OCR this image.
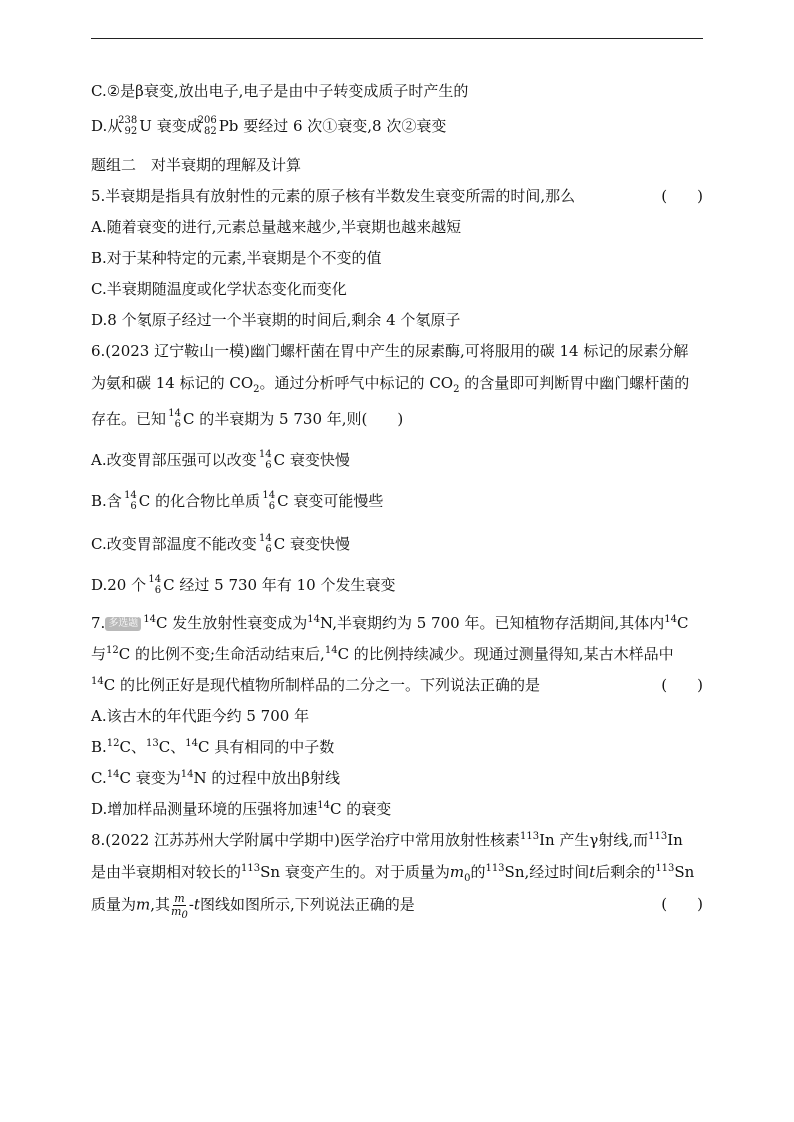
C.②是β衰变,放出电子,电子是由中子转变成质子时产生的
D.从
238
92 U 衰变成
206
82 Pb 要经过 6 次①衰变,8 次②衰变
题组二　对半衰期的理解及计算
5.半衰期是指具有放射性的元素的原子核有半数发生衰变所需的时间,那么	(　　)
A.随着衰变的进行,元素总量越来越少,半衰期也越来越短
B.对于某种特定的元素,半衰期是个不变的值
C.半衰期随温度或化学状态变化而变化
D.8 个氡原子经过一个半衰期的时间后,剩余 4 个氡原子
6.(2023 辽宁鞍山一模)幽门螺杆菌在胃中产生的尿素酶,可将服用的碳 14 标记的尿素分解
为氨和碳 14 标记的 $CO_2$。通过分析呼气中标记的 $CO_2$ 的含量即可判断胃中幽门螺杆菌的
存在。已知 14
6 C 的半衰期为 5 730 年,则(　　)
A.改变胃部压强可以改变 14
6 C 衰变快慢
B.含 14
6 C 的化合物比单质 14
6 C 衰变可能慢些
C.改变胃部温度不能改变 14
6 C 衰变快慢
D.20 个 14
6 C 经过 5 730 年有 10 个发生衰变
7. 多选题 $^{14}$C 发生放射性衰变成为$^{14}$N,半衰期约为 5 700 年。已知植物存活期间,其体内$^{14}$C
与$^{12}$C 的比例不变;生命活动结束后,$^{14}$C 的比例持续减少。现通过测量得知,某古木样品中
$^{14}$C 的比例正好是现代植物所制样品的二分之一。下列说法正确的是	(　　)
A.该古木的年代距今约 5 700 年
B.$^{12}$C、$^{13}$C、$^{14}$C 具有相同的中子数
C.$^{14}$C 衰变为$^{14}$N 的过程中放出β射线
D.增加样品测量环境的压强将加速$^{14}$C 的衰变
8.(2022 江苏苏州大学附属中学期中)医学治疗中常用放射性核素$^{113}$In 产生γ射线,而$^{113}$In
是由半衰期相对较长的$^{113}$Sn 衰变产生的。对于质量为$m_0$的$^{113}$Sn,经过时间t后剩余的$^{113}$Sn
质量为m,其 $\frac{m}{m_0} -t$图线如图所示,下列说法正确的是	(　　)
